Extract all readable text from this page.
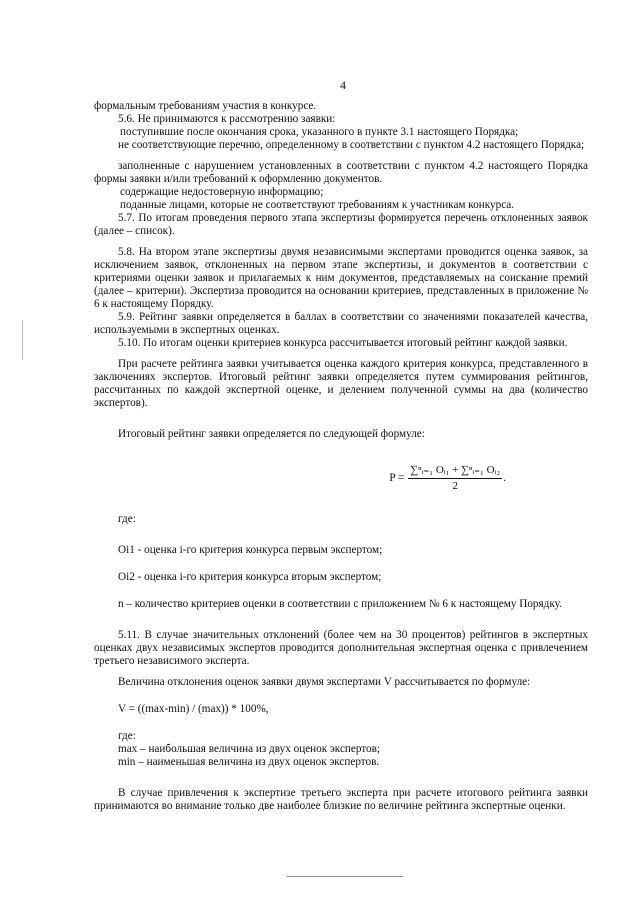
4

формальным требованиям участия в конкурсе.

5.6. Не принимаются к рассмотрению заявки:

поступившие после окончания срока, указанного в пункте 3.1 настоящего Порядка;

не соответствующие перечню, определенному в соответствии с пунктом 4.2 настоящего Порядка;

заполненные с нарушением установленных в соответствии с пунктом 4.2 настоящего Порядка формы заявки и/или требований к оформлению документов.

содержащие недостоверную информацию;

поданные лицами, которые не соответствуют требованиям к участникам конкурса.

5.7. По итогам проведения первого этапа экспертизы формируется перечень отклоненных заявок (далее – список).

5.8. На втором этапе экспертизы двумя независимыми экспертами проводится оценка заявок, за исключением заявок, отклоненных на первом этапе экспертизы, и документов в соответствии с критериями оценки заявок и прилагаемых к ним документов, представляемых на соискание премий (далее – критерии). Экспертиза проводится на основании критериев, представленных в приложение № 6 к настоящему Порядку.

5.9. Рейтинг заявки определяется в баллах в соответствии со значениями показателей качества, используемыми в экспертных оценках.

5.10. По итогам оценки критериев конкурса рассчитывается итоговый рейтинг каждой заявки.

При расчете рейтинга заявки учитывается оценка каждого критерия конкурса, представленного в заключениях экспертов. Итоговый рейтинг заявки определяется путем суммирования рейтингов, рассчитанных по каждой экспертной оценке, и делением полученной суммы на два (количество экспертов).

Итоговый рейтинг заявки определяется по следующей формуле:

$P = \frac{\text{∑ⁿᵢ₌₁ Oᵢ₁ + ∑ⁿᵢ₌₁ Oᵢ₂}}{2}$ .

где:

Oi1 - оценка i-го критерия конкурса первым экспертом;

Oi2 - оценка i-го критерия конкурса вторым экспертом;

n – количество критериев оценки в соответствии с приложением № 6 к настоящему Порядку.

5.11. В случае значительных отклонений (более чем на 30 процентов) рейтингов в экспертных оценках двух независимых экспертов проводится дополнительная экспертная оценка с привлечением третьего независимого эксперта.

Величина отклонения оценок заявки двумя экспертами V рассчитывается по формуле:

V = ((max-min) / (max)) * 100%,

где:

max – наибольшая величина из двух оценок экспертов;

min – наименьшая величина из двух оценок экспертов.

В случае привлечения к экспертизе третьего эксперта при расчете итогового рейтинга заявки принимаются во внимание только две наиболее близкие по величине рейтинга экспертные оценки.
